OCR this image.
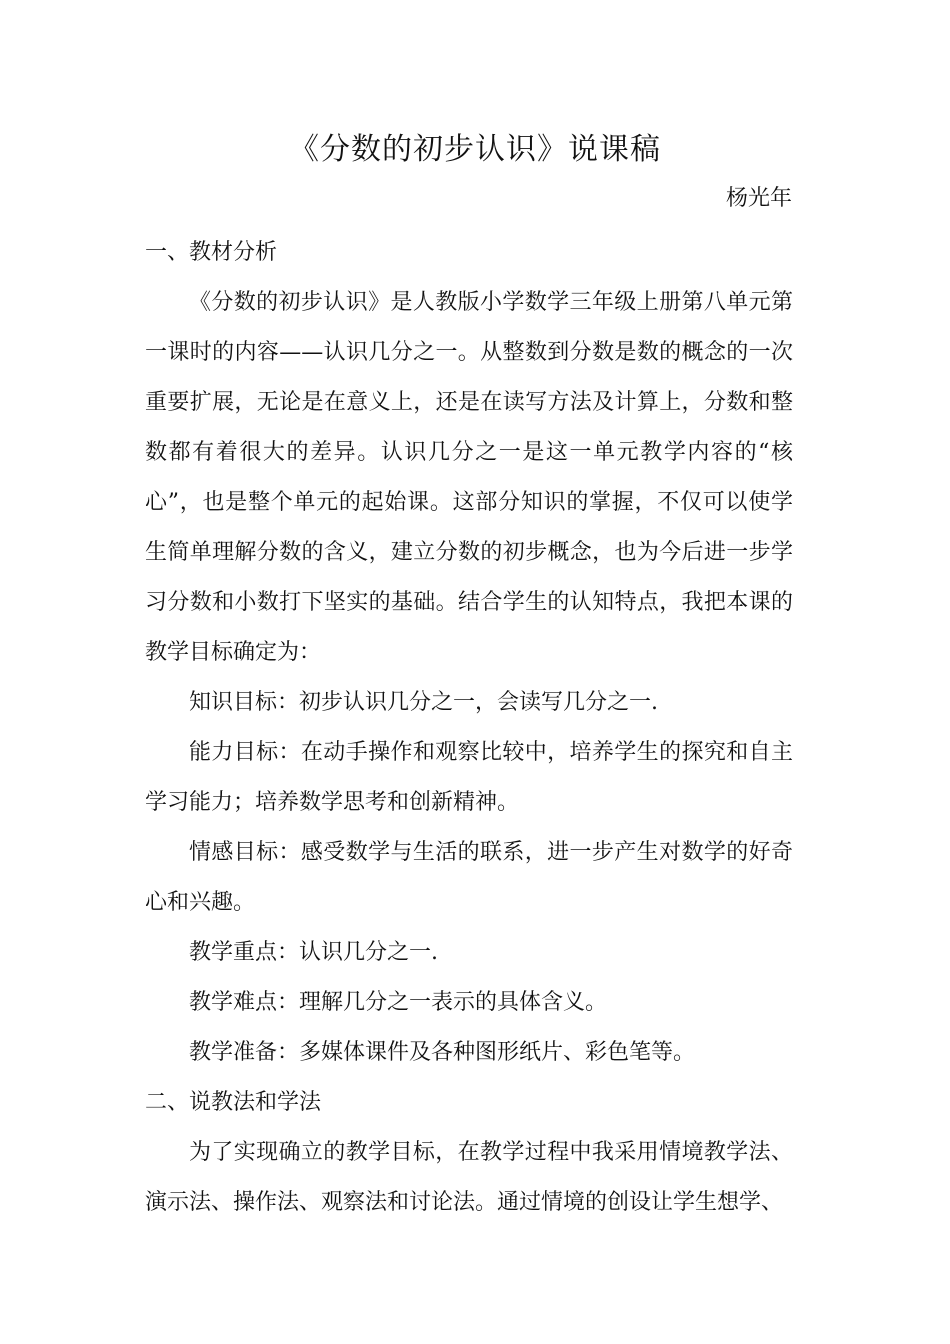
《分数的初步认识》说课稿
杨光年

一、教材分析

《分数的初步认识》是人教版小学数学三年级上册第八单元第一课时的内容——认识几分之一。从整数到分数是数的概念的一次重要扩展，无论是在意义上，还是在读写方法及计算上，分数和整数都有着很大的差异。认识几分之一是这一单元教学内容的“核心”，也是整个单元的起始课。这部分知识的掌握，不仅可以使学生简单理解分数的含义，建立分数的初步概念，也为今后进一步学习分数和小数打下坚实的基础。结合学生的认知特点，我把本课的教学目标确定为：

知识目标：初步认识几分之一，会读写几分之一.

能力目标：在动手操作和观察比较中，培养学生的探究和自主学习能力；培养数学思考和创新精神。

情感目标：感受数学与生活的联系，进一步产生对数学的好奇心和兴趣。

教学重点：认识几分之一.

教学难点：理解几分之一表示的具体含义。

教学准备：多媒体课件及各种图形纸片、彩色笔等。

二、说教法和学法

为了实现确立的教学目标，在教学过程中我采用情境教学法、演示法、操作法、观察法和讨论法。通过情境的创设让学生想学、
